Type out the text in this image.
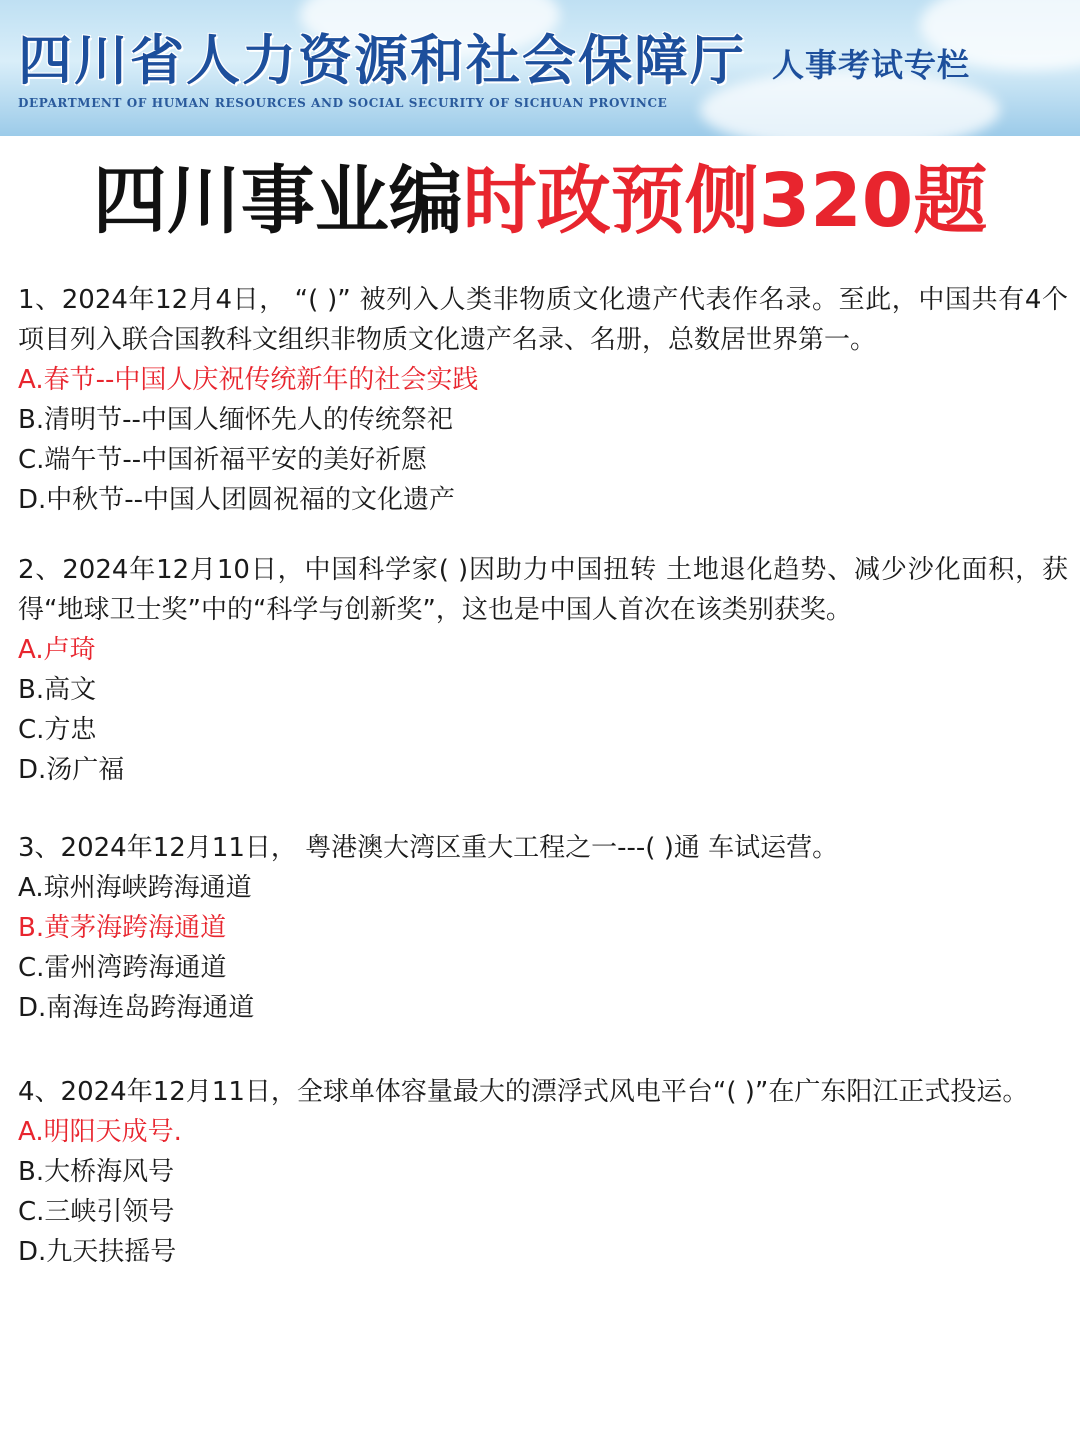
四川省人力资源和社会保障厅
DEPARTMENT OF HUMAN RESOURCES AND SOCIAL SECURITY OF SICHUAN PROVINCE
人事考试专栏
四川事业编时政预侧320题

1、2024年12月4日， “( )” 被列入人类非物质文化遗产代表作名录。至此，中国共有4个项目列入联合国教科文组织非物质文化遗产名录、名册，总数居世界第一。

A.春节--中国人庆祝传统新年的社会实践

B.清明节--中国人缅怀先人的传统祭祀

C.端午节--中国祈福平安的美好祈愿

D.中秋节--中国人团圆祝福的文化遗产

2、2024年12月10日，中国科学家( )因助力中国扭转 土地退化趋势、减少沙化面积，获得“地球卫士奖”中的“科学与创新奖”，这也是中国人首次在该类别获奖。

A.卢琦

B.高文

C.方忠

D.汤广福

3、2024年12月11日， 粤港澳大湾区重大工程之一---( )通 车试运营。

A.琼州海峡跨海通道

B.黄茅海跨海通道

C.雷州湾跨海通道

D.南海连岛跨海通道

4、2024年12月11日，全球单体容量最大的漂浮式风电平台“( )”在广东阳江正式投运。

A.明阳天成号.

B.大桥海风号

C.三峡引领号

D.九天扶摇号
